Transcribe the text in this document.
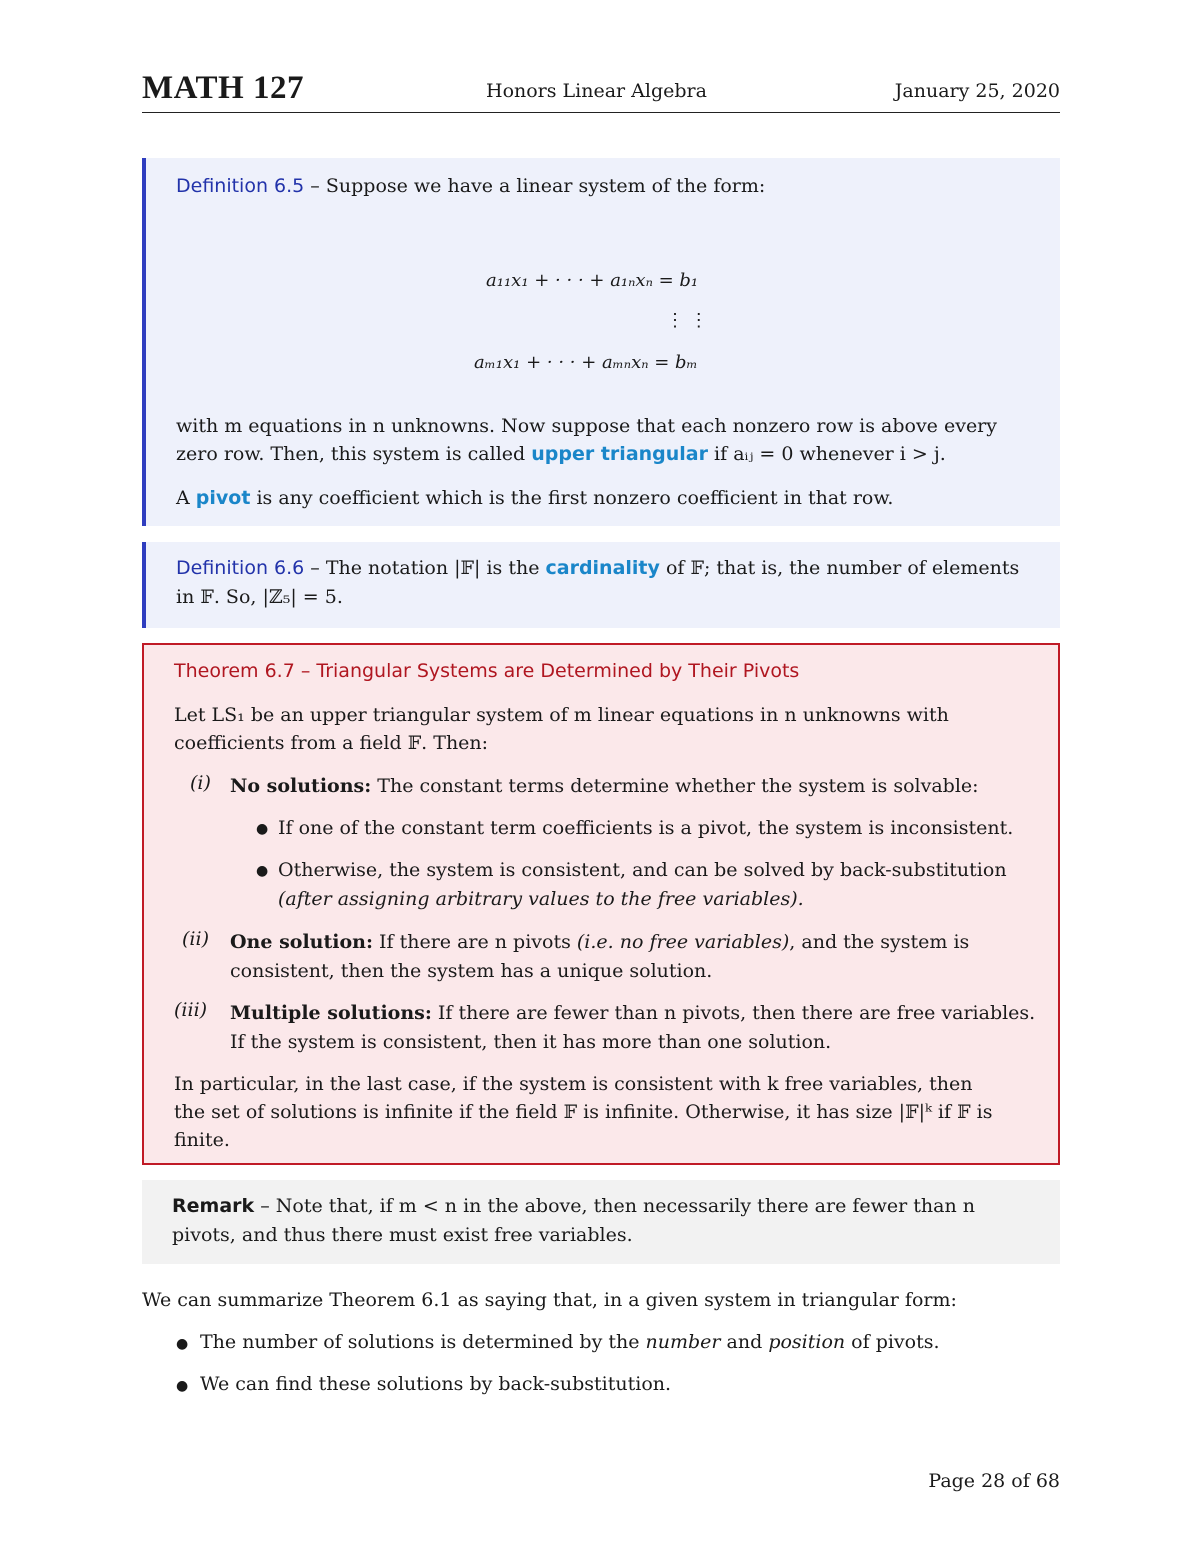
MATH 127	Honors Linear Algebra	January 25, 2020
Definition 6.5 – Suppose we have a linear system of the form:
a₁₁x₁ + · · · + a₁ₙxₙ = b₁
⋮ ⋮
aₘ₁x₁ + · · · + aₘₙxₙ = bₘ
with m equations in n unknowns. Now suppose that each nonzero row is above every
zero row. Then, this system is called upper triangular if aᵢⱼ = 0 whenever i > j.
A pivot is any coefficient which is the first nonzero coefficient in that row.
Definition 6.6 – The notation |𝔽| is the cardinality of 𝔽; that is, the number of elements
in 𝔽. So, |ℤ₅| = 5.
Theorem 6.7 – Triangular Systems are Determined by Their Pivots
Let LS₁ be an upper triangular system of m linear equations in n unknowns with
coefficients from a field 𝔽. Then:
(i) No solutions: The constant terms determine whether the system is solvable:
● If one of the constant term coefficients is a pivot, the system is inconsistent.
● Otherwise, the system is consistent, and can be solved by back-substitution
(after assigning arbitrary values to the free variables).
(ii) One solution: If there are n pivots (i.e. no free variables), and the system is
consistent, then the system has a unique solution.
(iii) Multiple solutions: If there are fewer than n pivots, then there are free variables.
If the system is consistent, then it has more than one solution.
In particular, in the last case, if the system is consistent with k free variables, then
the set of solutions is infinite if the field 𝔽 is infinite. Otherwise, it has size |𝔽|ᵏ if 𝔽 is
finite.
Remark – Note that, if m < n in the above, then necessarily there are fewer than n
pivots, and thus there must exist free variables.
We can summarize Theorem 6.1 as saying that, in a given system in triangular form:
● The number of solutions is determined by the number and position of pivots.
● We can find these solutions by back-substitution.
Page 28 of 68
